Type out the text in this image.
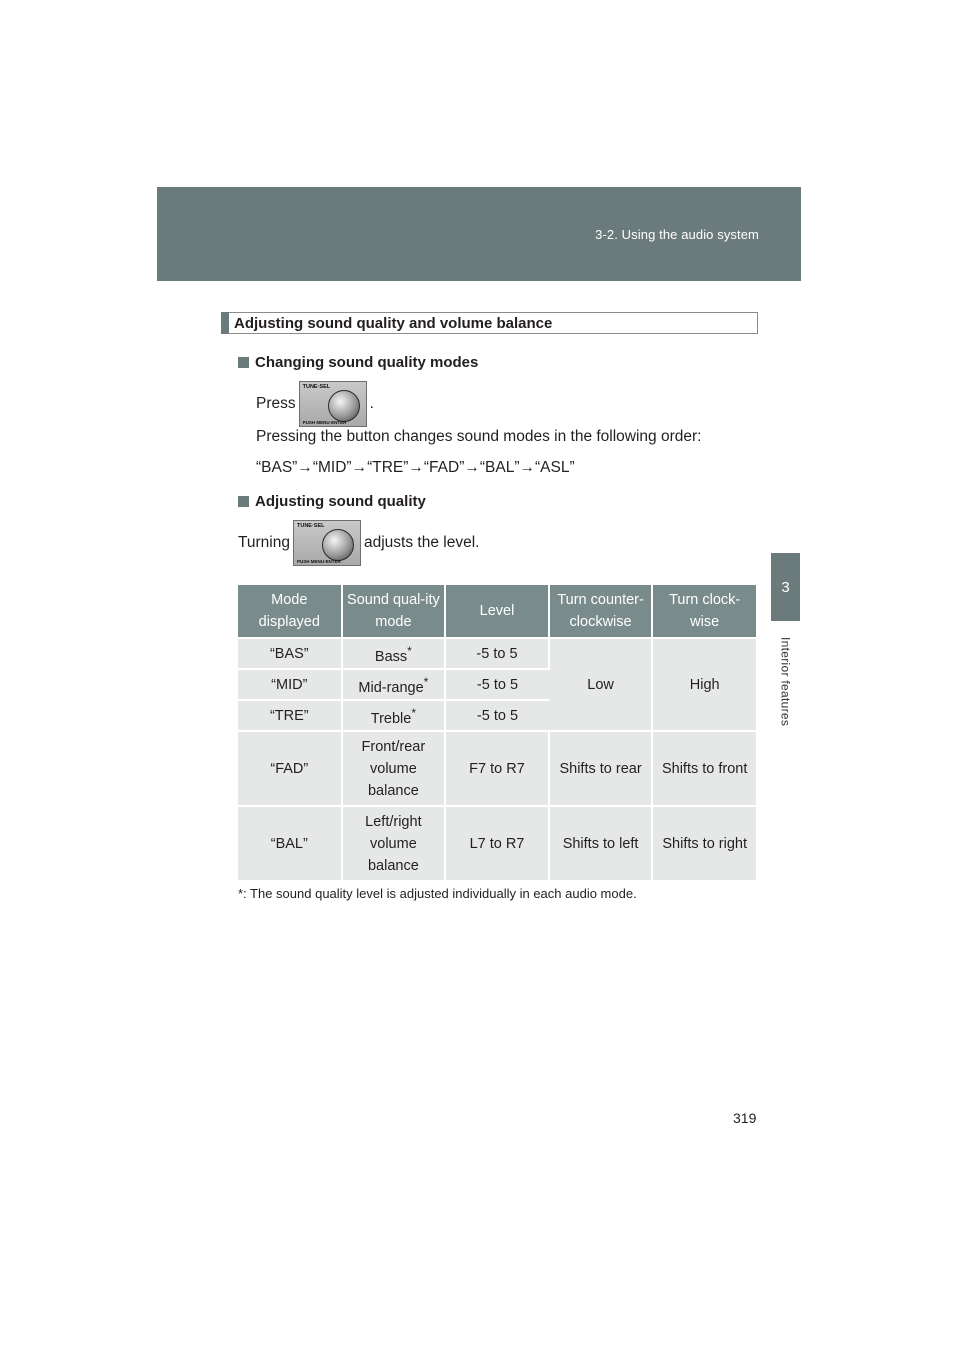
3-2. Using the audio system
3
Interior features
Adjusting sound quality and volume balance
Changing sound quality modes
Press
TUNE·SEL
PUSH MENU·ENTER
.
Pressing the button changes sound modes in the following order:
“BAS”→“MID”→“TRE”→“FAD”→“BAL”→“ASL”
Adjusting sound quality
Turning
TUNE·SEL
PUSH MENU·ENTER
adjusts the level.
Mode displayed	Sound qual-ity mode	Level	Turn counter-clockwise	Turn clock-wise
“BAS”	Bass*	-5 to 5	Low	High
“MID”	Mid-range*	-5 to 5		
“TRE”	Treble*	-5 to 5		
“FAD”	Front/rear volume balance	F7 to R7	Shifts to rear	Shifts to front
“BAL”	Left/right volume balance	L7 to R7	Shifts to left	Shifts to right
*: The sound quality level is adjusted individually in each audio mode.
319
